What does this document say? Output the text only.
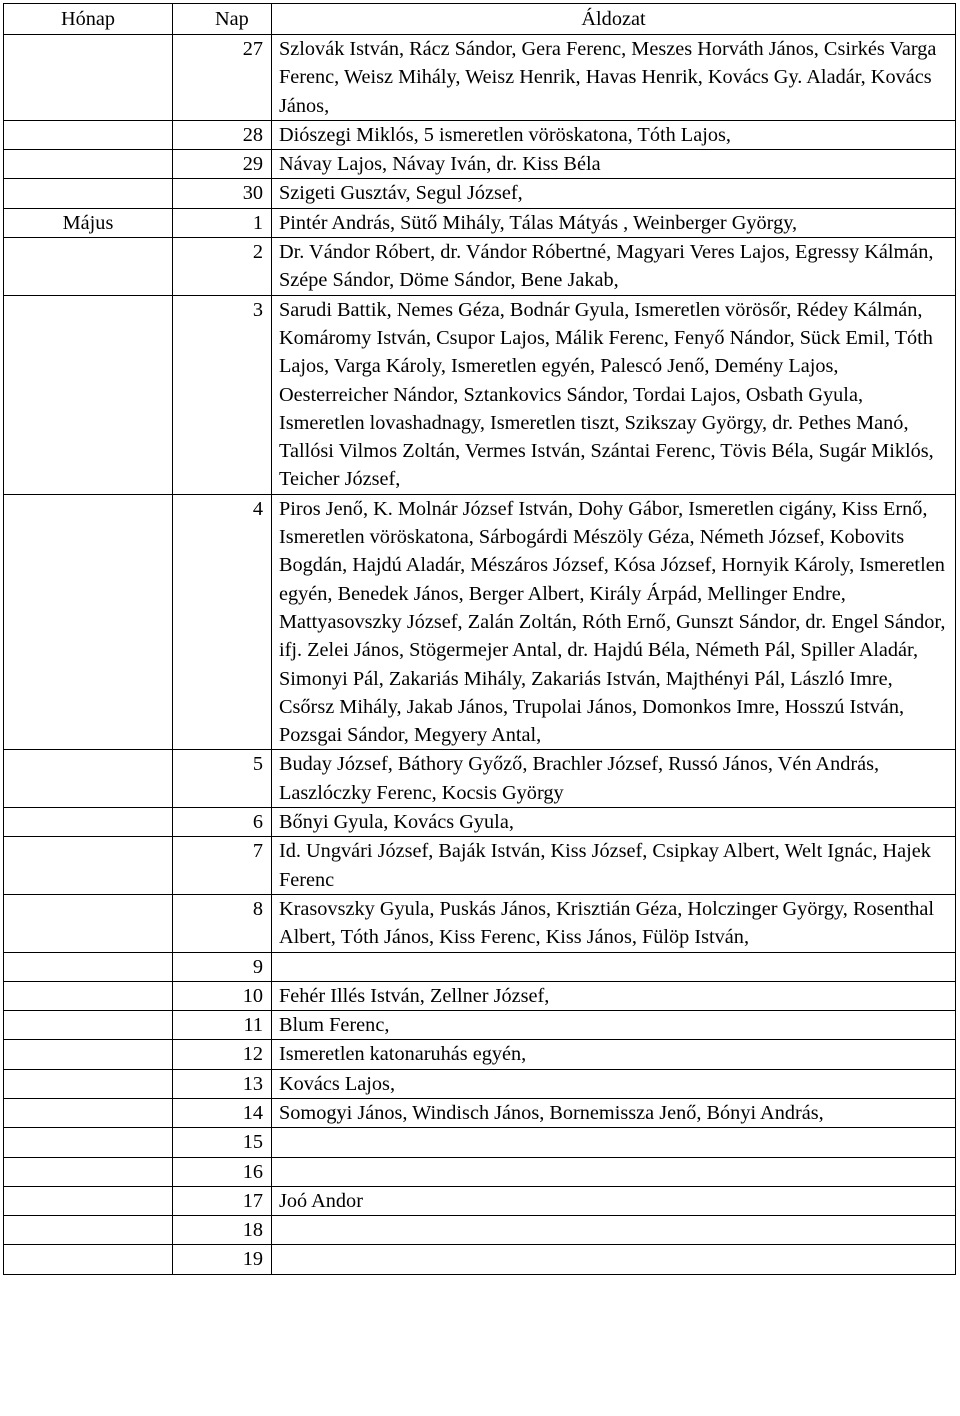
Hónap	Nap	Áldozat
	27	Szlovák István, Rácz Sándor, Gera Ferenc, Meszes Horváth János, Csirkés Varga Ferenc, Weisz Mihály, Weisz Henrik, Havas Henrik, Kovács Gy. Aladár, Kovács János,
	28	Diószegi Miklós, 5 ismeretlen vöröskatona, Tóth Lajos,
	29	Návay Lajos, Návay Iván, dr. Kiss Béla
	30	Szigeti Gusztáv, Segul József,
Május	1	Pintér András, Sütő Mihály, Tálas Mátyás , Weinberger György,
	2	Dr. Vándor Róbert, dr. Vándor Róbertné, Magyari Veres Lajos, Egressy Kálmán, Szépe Sándor, Döme Sándor, Bene Jakab,
	3	Sarudi Battik, Nemes Géza, Bodnár Gyula, Ismeretlen vörösőr, Rédey Kálmán, Komáromy István, Csupor Lajos, Málik Ferenc, Fenyő Nándor, Sück Emil, Tóth Lajos, Varga Károly, Ismeretlen egyén, Palescó Jenő, Demény Lajos, Oesterreicher Nándor, Sztankovics Sándor, Tordai Lajos, Osbath Gyula, Ismeretlen lovashadnagy, Ismeretlen tiszt, Szikszay György, dr. Pethes Manó, Tallósi Vilmos Zoltán, Vermes István, Szántai Ferenc, Tövis Béla, Sugár Miklós, Teicher József,
	4	Piros Jenő, K. Molnár József István, Dohy Gábor, Ismeretlen cigány, Kiss Ernő, Ismeretlen vöröskatona, Sárbogárdi Mészöly Géza, Németh József, Kobovits Bogdán, Hajdú Aladár, Mészáros József, Kósa József, Hornyik Károly, Ismeretlen egyén, Benedek János, Berger Albert, Király Árpád, Mellinger Endre, Mattyasovszky József, Zalán Zoltán, Róth Ernő, Gunszt Sándor, dr. Engel Sándor, ifj. Zelei János, Stögermejer Antal, dr. Hajdú Béla, Németh Pál, Spiller Aladár, Simonyi Pál, Zakariás Mihály, Zakariás István, Majthényi Pál, László Imre, Csőrsz Mihály, Jakab János, Trupolai János, Domonkos Imre, Hosszú István, Pozsgai Sándor, Megyery Antal,
	5	Buday József, Báthory Győző, Brachler József, Russó János, Vén András, Laszlóczky Ferenc, Kocsis György
	6	Bőnyi Gyula, Kovács Gyula,
	7	Id. Ungvári József, Baják István, Kiss József, Csipkay Albert, Welt Ignác, Hajek Ferenc
	8	Krasovszky Gyula, Puskás János, Krisztián Géza, Holczinger György, Rosenthal Albert, Tóth János, Kiss Ferenc, Kiss János, Fülöp István,
	9	
	10	Fehér Illés István, Zellner József,
	11	Blum Ferenc,
	12	Ismeretlen katonaruhás egyén,
	13	Kovács Lajos,
	14	Somogyi János, Windisch János, Bornemissza Jenő, Bónyi András,
	15	
	16	
	17	Joó Andor
	18	
	19	
